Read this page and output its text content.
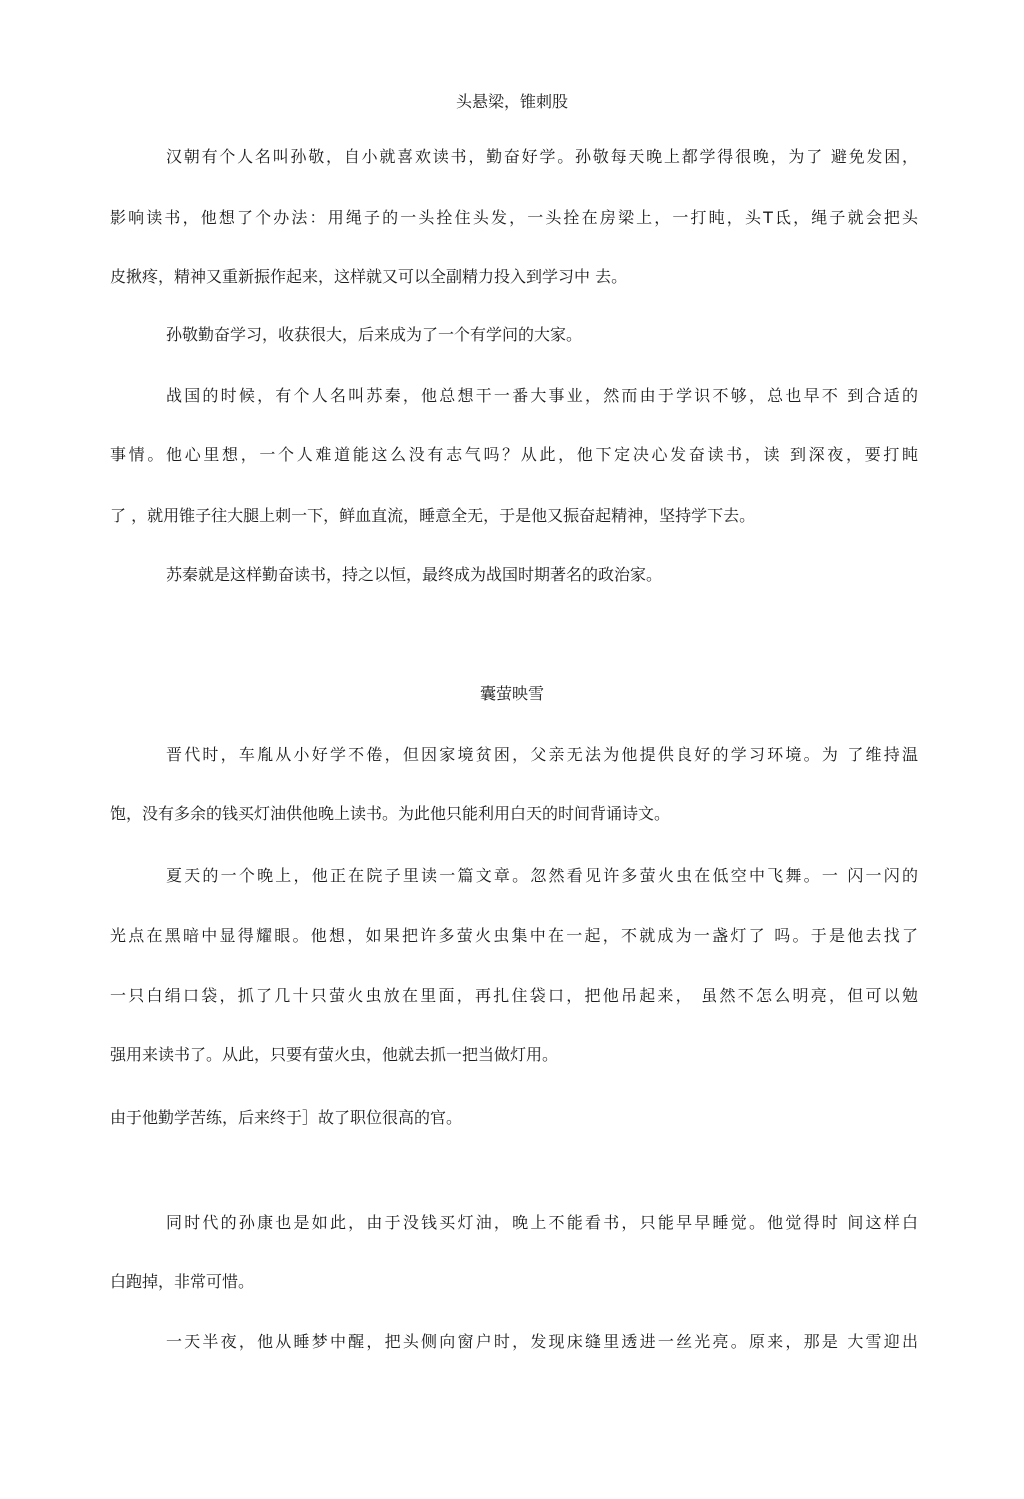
头悬梁，锥刺股
汉朝有个人名叫孙敬，自小就喜欢读书，勤奋好学。孙敬每天晚上都学得很晚，为了 避免发困，
影响读书，他想了个办法：用绳子的一头拴住头发，一头拴在房梁上，一打盹，头T氐，绳子就会把头
皮揪疼，精神又重新振作起来，这样就又可以全副精力投入到学习中 去。
孙敬勤奋学习，收获很大，后来成为了一个有学问的大家。
战国的时候，有个人名叫苏秦，他总想干一番大事业，然而由于学识不够，总也早不 到合适的
事情。他心里想，一个人难道能这么没有志气吗？从此，他下定决心发奋读书，读 到深夜，要打盹
了 ，就用锥子往大腿上刺一下，鲜血直流，睡意全无，于是他又振奋起精神，坚持学下去。
苏秦就是这样勤奋读书，持之以恒，最终成为战国时期著名的政治家。
囊萤映雪
晋代时，车胤从小好学不倦，但因家境贫困，父亲无法为他提供良好的学习环境。为 了维持温
饱，没有多余的钱买灯油供他晚上读书。为此他只能利用白天的时间背诵诗文。
夏天的一个晚上，他正在院子里读一篇文章。忽然看见许多萤火虫在低空中飞舞。一 闪一闪的
光点在黑暗中显得耀眼。他想，如果把许多萤火虫集中在一起，不就成为一盏灯了 吗。于是他去找了
一只白绢口袋，抓了几十只萤火虫放在里面，再扎住袋口，把他吊起来， 虽然不怎么明亮，但可以勉
强用来读书了。从此，只要有萤火虫，他就去抓一把当做灯用。
由于他勤学苦练，后来终于］故了职位很高的官。
同时代的孙康也是如此，由于没钱买灯油，晚上不能看书，只能早早睡觉。他觉得时 间这样白
白跑掉，非常可惜。
一天半夜，他从睡梦中醒，把头侧向窗户时，发现床缝里透进一丝光亮。原来，那是 大雪迎出
